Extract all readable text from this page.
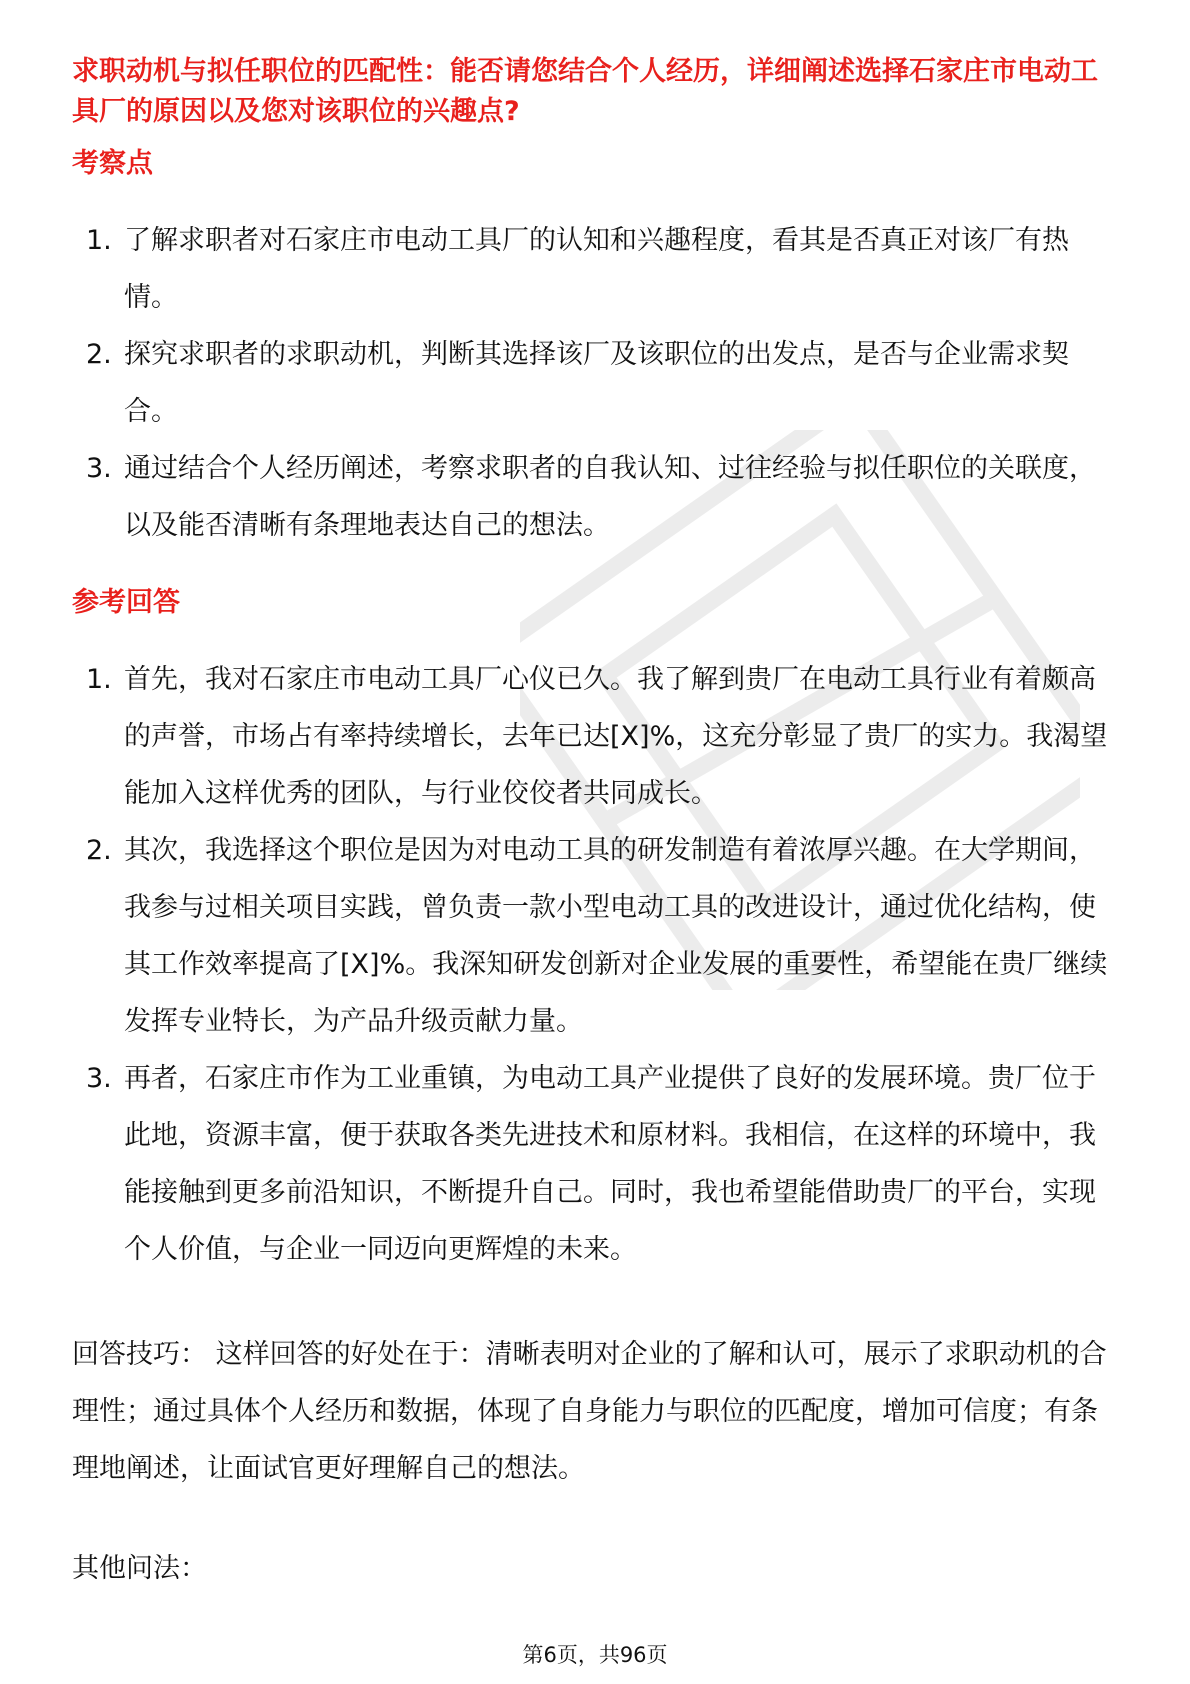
求职动机与拟任职位的匹配性：能否请您结合个人经历，详细阐述选择石家庄市电动工具厂的原因以及您对该职位的兴趣点?

考察点

1. 了解求职者对石家庄市电动工具厂的认知和兴趣程度，看其是否真正对该厂有热情。
2. 探究求职者的求职动机，判断其选择该厂及该职位的出发点，是否与企业需求契合。
3. 通过结合个人经历阐述，考察求职者的自我认知、过往经验与拟任职位的关联度，以及能否清晰有条理地表达自己的想法。

参考回答

1. 首先，我对石家庄市电动工具厂心仪已久。我了解到贵厂在电动工具行业有着颇高的声誉，市场占有率持续增长，去年已达[X]%，这充分彰显了贵厂的实力。我渴望能加入这样优秀的团队，与行业佼佼者共同成长。
2. 其次，我选择这个职位是因为对电动工具的研发制造有着浓厚兴趣。在大学期间，我参与过相关项目实践，曾负责一款小型电动工具的改进设计，通过优化结构，使其工作效率提高了[X]%。我深知研发创新对企业发展的重要性，希望能在贵厂继续发挥专业特长，为产品升级贡献力量。
3. 再者，石家庄市作为工业重镇，为电动工具产业提供了良好的发展环境。贵厂位于此地，资源丰富，便于获取各类先进技术和原材料。我相信，在这样的环境中，我能接触到更多前沿知识，不断提升自己。同时，我也希望能借助贵厂的平台，实现个人价值，与企业一同迈向更辉煌的未来。

回答技巧： 这样回答的好处在于：清晰表明对企业的了解和认可，展示了求职动机的合理性；通过具体个人经历和数据，体现了自身能力与职位的匹配度，增加可信度；有条理地阐述，让面试官更好理解自己的想法。

其他问法：

第6页，共96页
